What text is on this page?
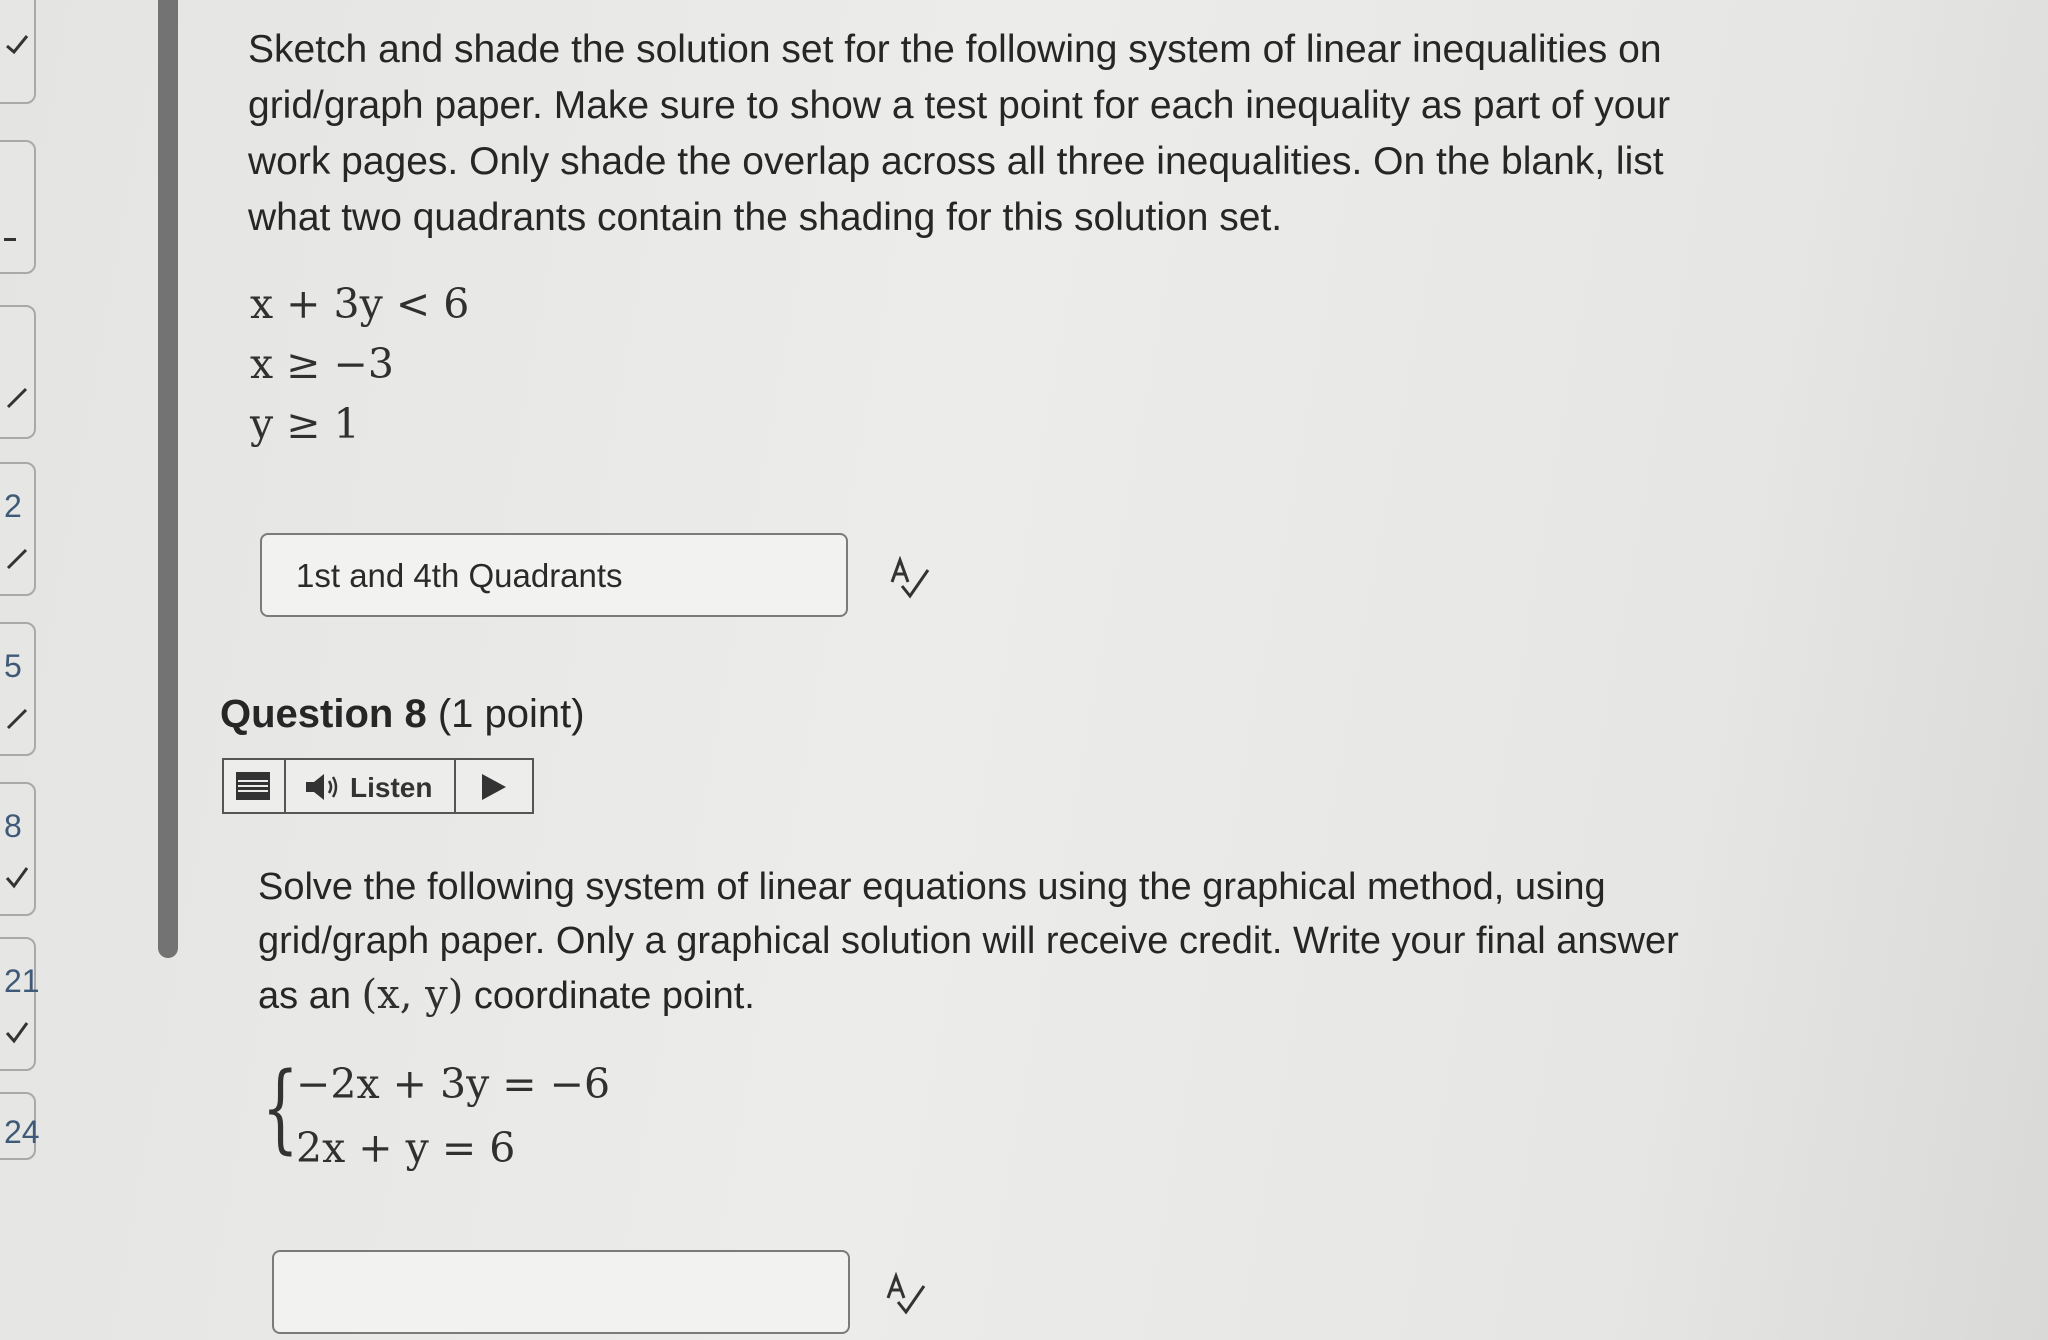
2
5
8
21
24
Sketch and shade the solution set for the following system of linear inequalities on grid/graph paper. Make sure to show a test point for each inequality as part of your work pages. Only shade the overlap across all three inequalities. On the blank, list what two quadrants contain the shading for this solution set.
x + 3y < 6
x ≥ −3
y ≥ 1
1st and 4th Quadrants
Question 8 (1 point)
Listen
Solve the following system of linear equations using the graphical method, using grid/graph paper. Only a graphical solution will receive credit. Write your final answer as an (x, y) coordinate point.
{
−2x + 3y = −6
2x + y = 6
